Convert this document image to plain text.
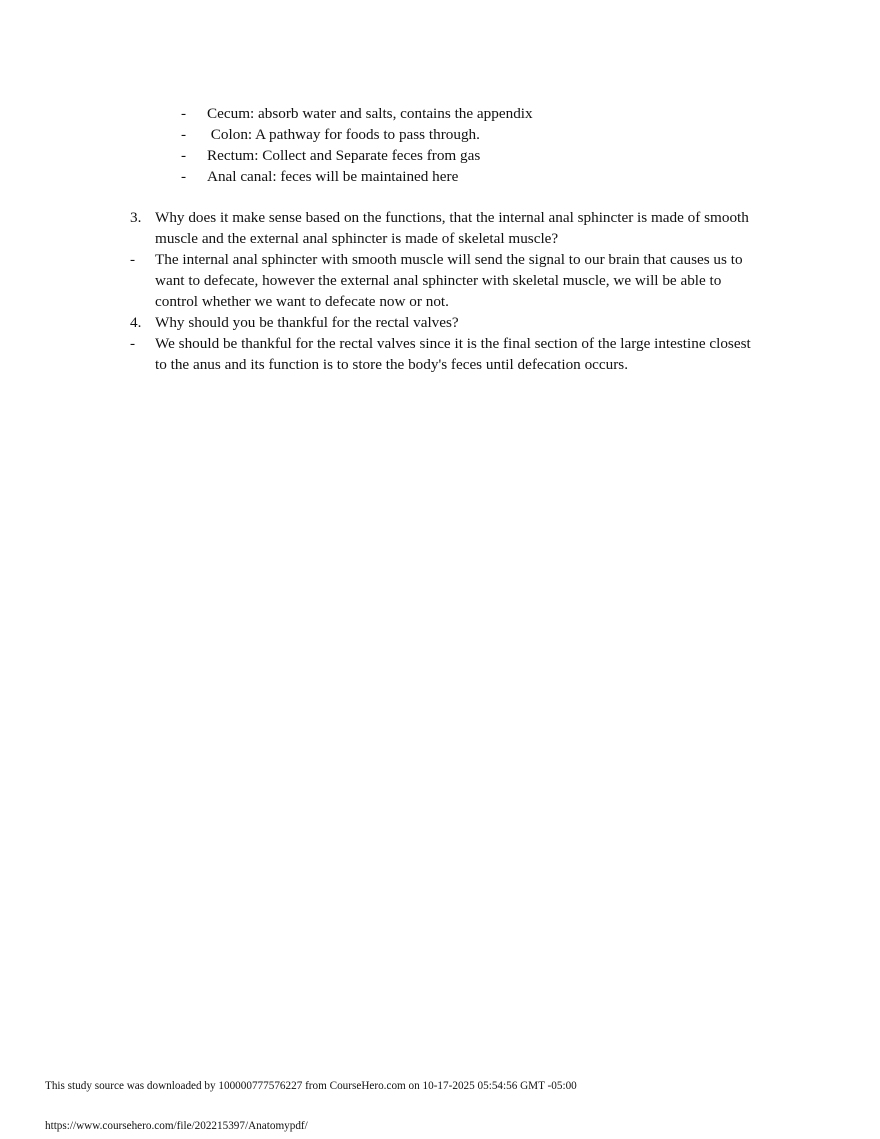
- Cecum: absorb water and salts, contains the appendix
- Colon: A pathway for foods to pass through.
- Rectum: Collect and Separate feces from gas
- Anal canal: feces will be maintained here
3. Why does it make sense based on the functions, that the internal anal sphincter is made of smooth
muscle and the external anal sphincter is made of skeletal muscle?
- The internal anal sphincter with smooth muscle will send the signal to our brain that causes us to
want to defecate, however the external anal sphincter with skeletal muscle, we will be able to
control whether we want to defecate now or not.
4. Why should you be thankful for the rectal valves?
- We should be thankful for the rectal valves since it is the final section of the large intestine closest
to the anus and its function is to store the body's feces until defecation occurs.
This study source was downloaded by 100000777576227 from CourseHero.com on 10-17-2025 05:54:56 GMT -05:00
https://www.coursehero.com/file/202215397/Anatomypdf/
